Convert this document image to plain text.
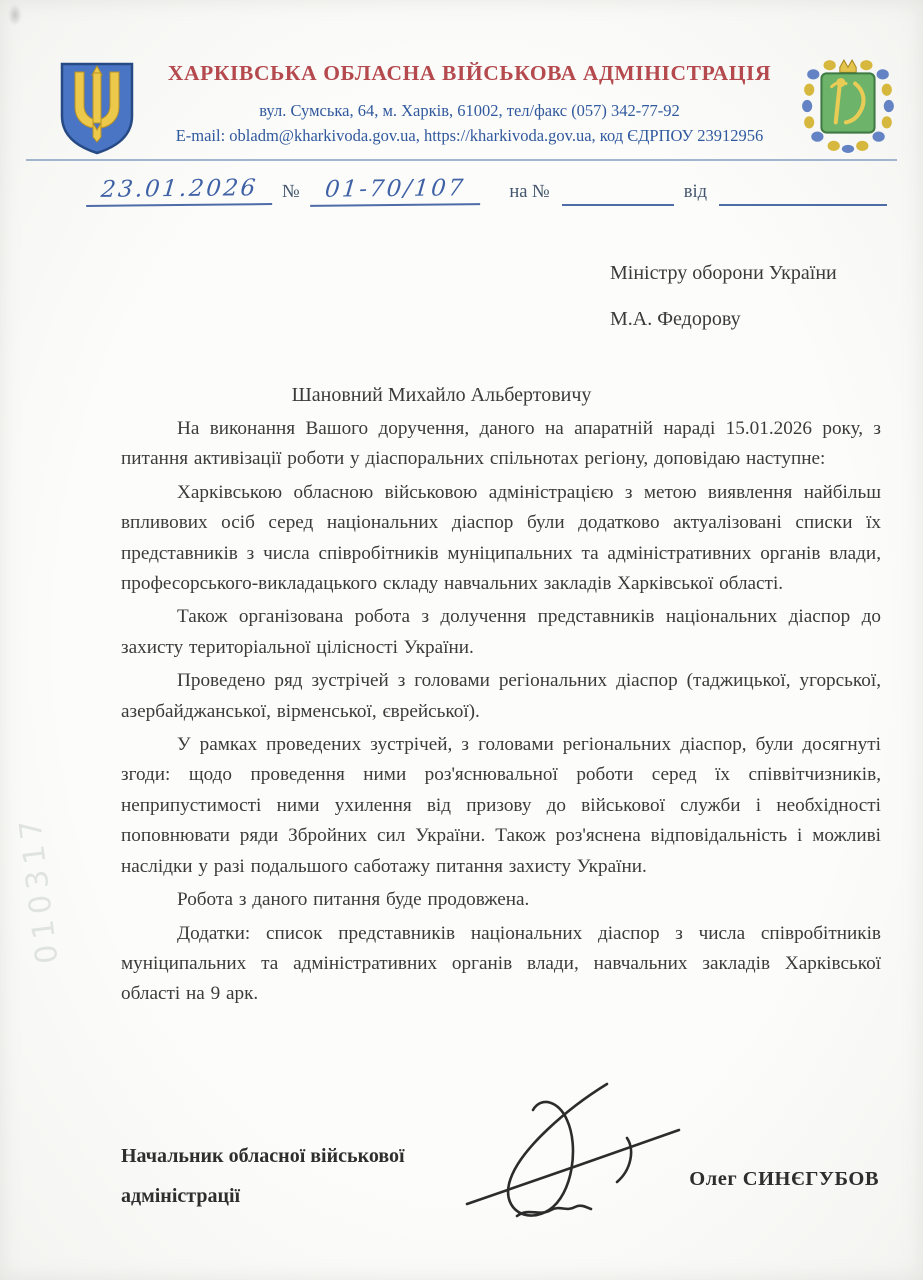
010317
ХАРКІВСЬКА ОБЛАСНА ВІЙСЬКОВА АДМІНІСТРАЦІЯ
вул. Сумська, 64, м. Харків, 61002, тел/факс (057) 342-77-92
E-mail: obladm@kharkivoda.gov.ua, https://kharkivoda.gov.ua, код ЄДРПОУ 23912956
23.01.2026	№	01-70/107	на №	від
Міністру оборони України
М.А. Федорову
Шановний Михайло Альбертовичу

На виконання Вашого доручення, даного на апаратній нараді 15.01.2026 року, з питання активізації роботи у діаспоральних спільнотах регіону, доповідаю наступне:

Харківською обласною військовою адміністрацією з метою виявлення найбільш впливових осіб серед національних діаспор були додатково актуалізовані списки їх представників з числа співробітників муніципальних та адміністративних органів влади, професорського-викладацького складу навчальних закладів Харківської області.

Також організована робота з долучення представників національних діаспор до захисту територіальної цілісності України.

Проведено ряд зустрічей з головами регіональних діаспор (таджицької, угорської, азербайджанської, вірменської, єврейської).

У рамках проведених зустрічей, з головами регіональних діаспор, були досягнуті згоди: щодо проведення ними роз'яснювальної роботи серед їх співвітчизників, неприпустимості ними ухилення від призову до військової служби і необхідності поповнювати ряди Збройних сил України. Також роз'яснена відповідальність і можливі наслідки у разі подальшого саботажу питання захисту України.

Робота з даного питання буде продовжена.

Додатки: список представників національних діаспор з числа співробітників муніципальних та адміністративних органів влади, навчальних закладів Харківської області на 9 арк.

Начальник обласної військової
адміністрації
Олег СИНЄГУБОВ
